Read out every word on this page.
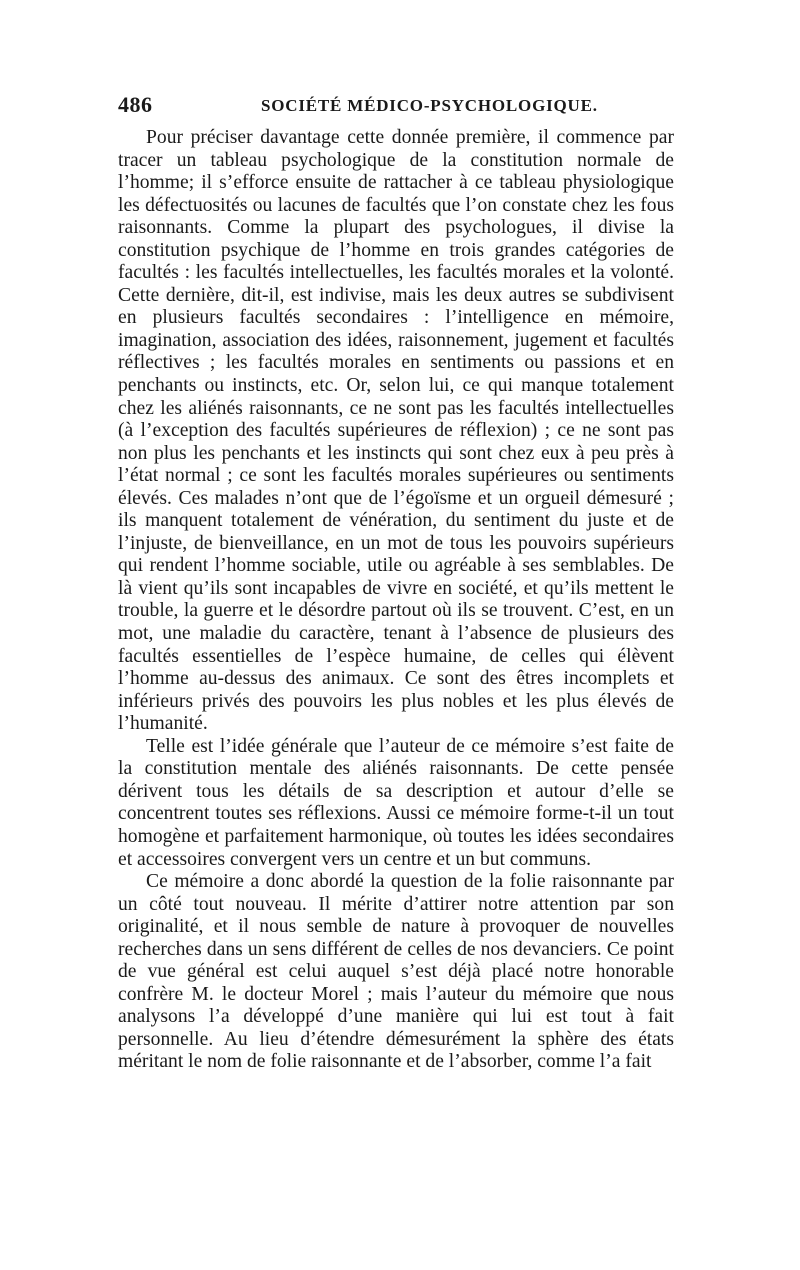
486	SOCIÉTÉ MÉDICO-PSYCHOLOGIQUE.

Pour préciser davantage cette donnée première, il commence par tracer un tableau psychologique de la constitution normale de l’homme; il s’efforce ensuite de rattacher à ce tableau physiologique les défectuosités ou lacunes de facultés que l’on constate chez les fous raisonnants. Comme la plupart des psychologues, il divise la constitution psychique de l’homme en trois grandes catégories de facultés : les facultés intellectuelles, les facultés morales et la volonté. Cette dernière, dit-il, est indivise, mais les deux autres se subdivisent en plusieurs facultés secondaires : l’intelligence en mémoire, imagination, association des idées, raisonnement, jugement et facultés réflectives ; les facultés morales en sentiments ou passions et en penchants ou instincts, etc. Or, selon lui, ce qui manque totalement chez les aliénés raisonnants, ce ne sont pas les facultés intellectuelles (à l’exception des facultés supérieures de réflexion) ; ce ne sont pas non plus les penchants et les instincts qui sont chez eux à peu près à l’état normal ; ce sont les facultés morales supérieures ou sentiments élevés. Ces malades n’ont que de l’égoïsme et un orgueil démesuré ; ils manquent totalement de vénération, du sentiment du juste et de l’injuste, de bienveillance, en un mot de tous les pouvoirs supérieurs qui rendent l’homme sociable, utile ou agréable à ses semblables. De là vient qu’ils sont incapables de vivre en société, et qu’ils mettent le trouble, la guerre et le désordre partout où ils se trouvent. C’est, en un mot, une maladie du caractère, tenant à l’absence de plusieurs des facultés essentielles de l’espèce humaine, de celles qui élèvent l’homme au-dessus des animaux. Ce sont des êtres incomplets et inférieurs privés des pouvoirs les plus nobles et les plus élevés de l’humanité.

Telle est l’idée générale que l’auteur de ce mémoire s’est faite de la constitution mentale des aliénés raisonnants. De cette pensée dérivent tous les détails de sa description et autour d’elle se concentrent toutes ses réflexions. Aussi ce mémoire forme-t-il un tout homogène et parfaitement harmonique, où toutes les idées secondaires et accessoires convergent vers un centre et un but communs.

Ce mémoire a donc abordé la question de la folie raisonnante par un côté tout nouveau. Il mérite d’attirer notre attention par son originalité, et il nous semble de nature à provoquer de nouvelles recherches dans un sens différent de celles de nos devanciers. Ce point de vue général est celui auquel s’est déjà placé notre honorable confrère M. le docteur Morel ; mais l’auteur du mémoire que nous analysons l’a développé d’une manière qui lui est tout à fait personnelle. Au lieu d’étendre démesurément la sphère des états méritant le nom de folie raisonnante et de l’absorber, comme l’a fait
